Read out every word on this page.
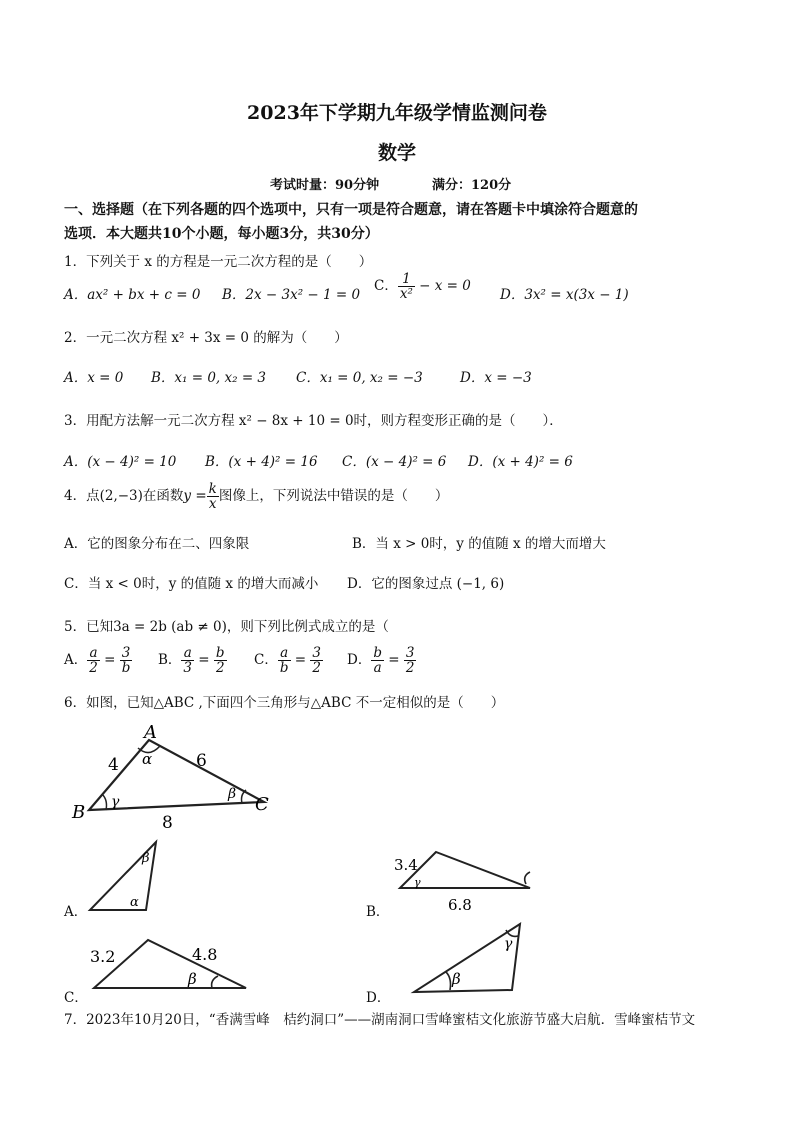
2023年下学期九年级学情监测问卷
数学
考试时量：90分钟	满分：120分
一、选择题（在下列各题的四个选项中，只有一项是符合题意，请在答题卡中填涂符合题意的
选项．本大题共10个小题，每小题3分，共30分）
1．下列关于 x 的方程是一元二次方程的是（　　）
A．ax² + bx + c = 0 B．2x − 3x² − 1 = 0
C． $\frac{1}{\text{x²}} - x = 0$
D．3x² = x(3x − 1)
2．一元二次方程 x² + 3x = 0 的解为（　　）
A．x = 0 B．x₁ = 0, x₂ = 3 C．x₁ = 0, x₂ = −3	D．x = −3
3．用配方法解一元二次方程 x² − 8x + 10 = 0时，则方程变形正确的是（　　）．
A．(x − 4)² = 10 B．(x + 4)² = 16 C．(x − 4)² = 6 D．(x + 4)² = 6
4．点(2,−3)在函数$y = \frac{k}{x}$ 图像上，下列说法中错误的是（　　）
A．它的图象分布在二、四象限	B．当 x > 0时，y 的值随 x 的增大而增大
C．当 x < 0时，y 的值随 x 的增大而减小 D．它的图象过点 (−1, 6)
5．已知3a = 2b (ab ≠ 0)，则下列比例式成立的是（
A． $\frac{a}{2} = \frac{3}{b}$ B． $\frac{a}{3} = \frac{b}{2}$ C． $\frac{a}{b} = \frac{3}{2}$ D． $\frac{b}{a} = \frac{3}{2}$
6．如图，已知△ABC ,下面四个三角形与△ABC 不一定相似的是（　　）
A
B	C
4	6
8
α
γ	β
A．
β
α
B．
3.4
6.8
γ
C．
3.2	4.8
β
D．
β
γ
7．2023年10月20日，“香满雪峰　桔约洞口”——湖南洞口雪峰蜜桔文化旅游节盛大启航．雪峰蜜桔节文
